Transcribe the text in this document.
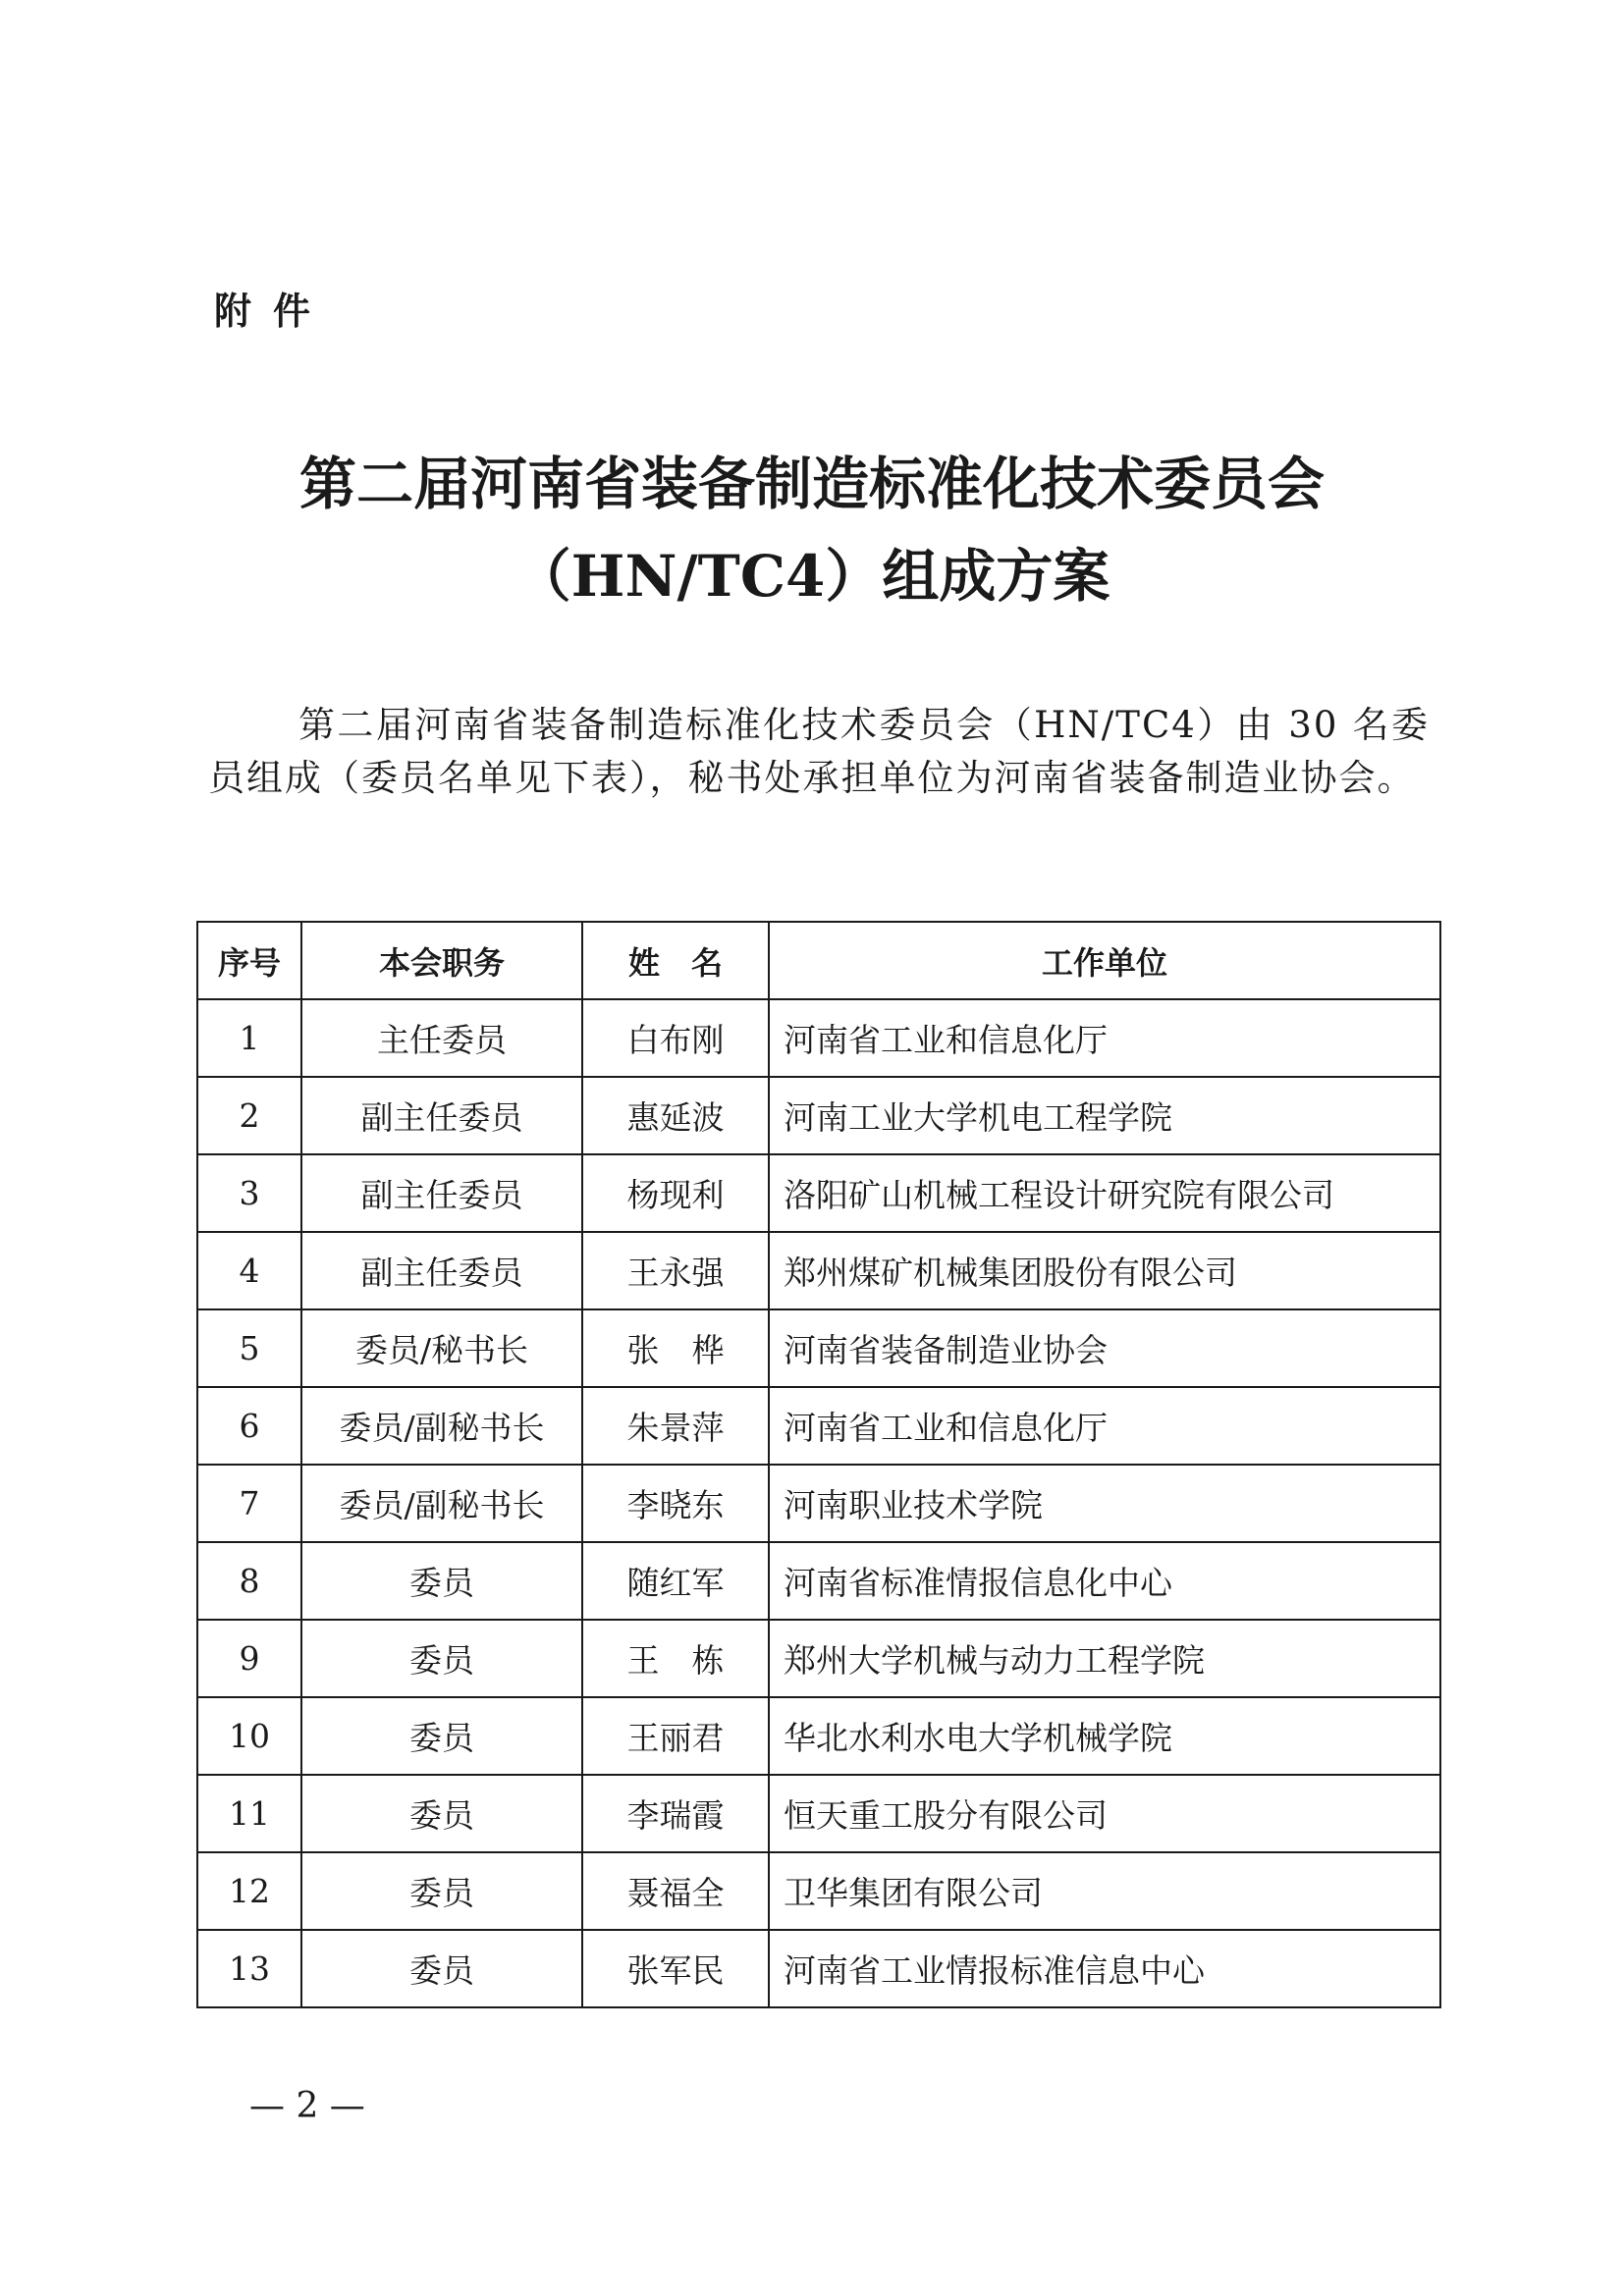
附件
第二届河南省装备制造标准化技术委员会
（HN/TC4）组成方案

第二届河南省装备制造标准化技术委员会（HN/TC4）由 30 名委员组成（委员名单见下表），秘书处承担单位为河南省装备制造业协会。

序号	本会职务	姓　名	工作单位
1	主任委员	白布刚	河南省工业和信息化厅
2	副主任委员	惠延波	河南工业大学机电工程学院
3	副主任委员	杨现利	洛阳矿山机械工程设计研究院有限公司
4	副主任委员	王永强	郑州煤矿机械集团股份有限公司
5	委员/秘书长	张　桦	河南省装备制造业协会
6	委员/副秘书长	朱景萍	河南省工业和信息化厅
7	委员/副秘书长	李晓东	河南职业技术学院
8	委员	随红军	河南省标准情报信息化中心
9	委员	王　栋	郑州大学机械与动力工程学院
10	委员	王丽君	华北水利水电大学机械学院
11	委员	李瑞霞	恒天重工股分有限公司
12	委员	聂福全	卫华集团有限公司
13	委员	张军民	河南省工业情报标准信息中心
— 2 —
